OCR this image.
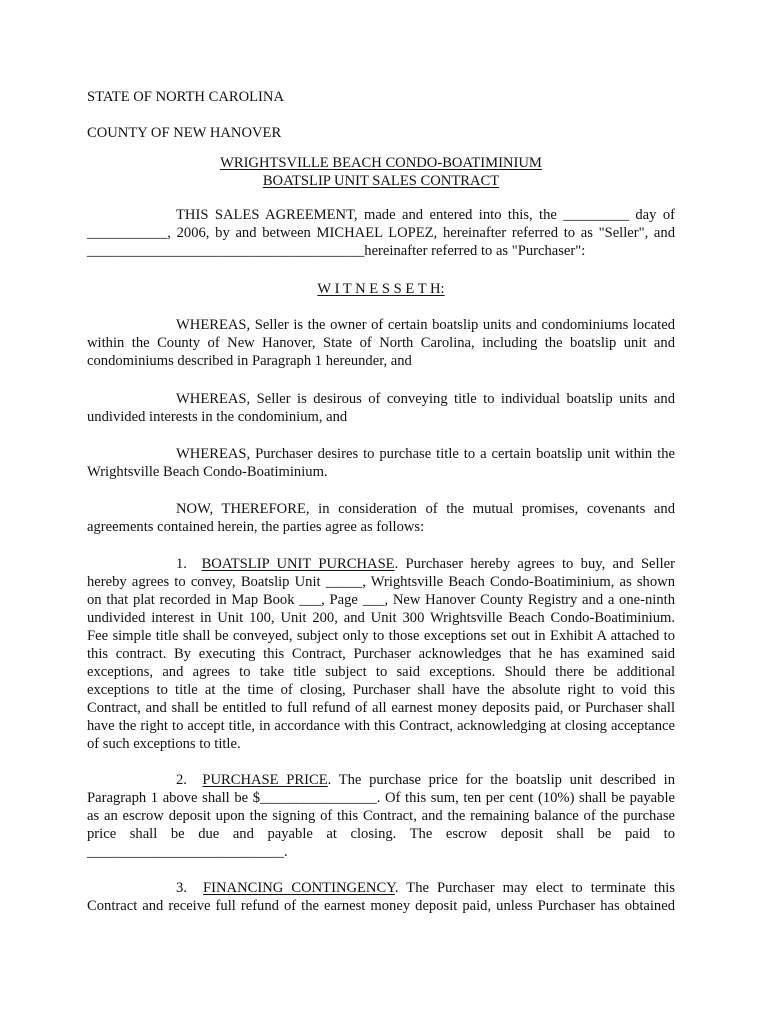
STATE OF NORTH CAROLINA
COUNTY OF NEW HANOVER
WRIGHTSVILLE BEACH CONDO-BOATIMINIUM
BOATSLIP UNIT SALES CONTRACT
THIS SALES AGREEMENT, made and entered into this, the _________ day of
___________, 2006, by and between MICHAEL LOPEZ, hereinafter referred to as "Seller", and
______________________________________hereinafter referred to as "Purchaser":
W I T N E S S E T H:
WHEREAS, Seller is the owner of certain boatslip units and condominiums located
within the County of New Hanover, State of North Carolina, including the boatslip unit and
condominiums described in Paragraph 1 hereunder, and
WHEREAS, Seller is desirous of conveying title to individual boatslip units and
undivided interests in the condominium, and
WHEREAS, Purchaser desires to purchase title to a certain boatslip unit within the
Wrightsville Beach Condo-Boatiminium.
NOW, THEREFORE, in consideration of the mutual promises, covenants and
agreements contained herein, the parties agree as follows:
1. BOATSLIP UNIT PURCHASE. Purchaser hereby agrees to buy, and Seller
hereby agrees to convey, Boatslip Unit _____, Wrightsville Beach Condo-Boatiminium, as shown
on that plat recorded in Map Book ___, Page ___, New Hanover County Registry and a one-ninth
undivided interest in Unit 100, Unit 200, and Unit 300 Wrightsville Beach Condo-Boatiminium.
Fee simple title shall be conveyed, subject only to those exceptions set out in Exhibit A attached to
this contract. By executing this Contract, Purchaser acknowledges that he has examined said
exceptions, and agrees to take title subject to said exceptions. Should there be additional
exceptions to title at the time of closing, Purchaser shall have the absolute right to void this
Contract, and shall be entitled to full refund of all earnest money deposits paid, or Purchaser shall
have the right to accept title, in accordance with this Contract, acknowledging at closing acceptance
of such exceptions to title.
2. PURCHASE PRICE. The purchase price for the boatslip unit described in
Paragraph 1 above shall be $________________. Of this sum, ten per cent (10%) shall be payable
as an escrow deposit upon the signing of this Contract, and the remaining balance of the purchase
price shall be due and payable at closing. The escrow deposit shall be paid to
___________________________.
3. FINANCING CONTINGENCY. The Purchaser may elect to terminate this
Contract and receive full refund of the earnest money deposit paid, unless Purchaser has obtained
